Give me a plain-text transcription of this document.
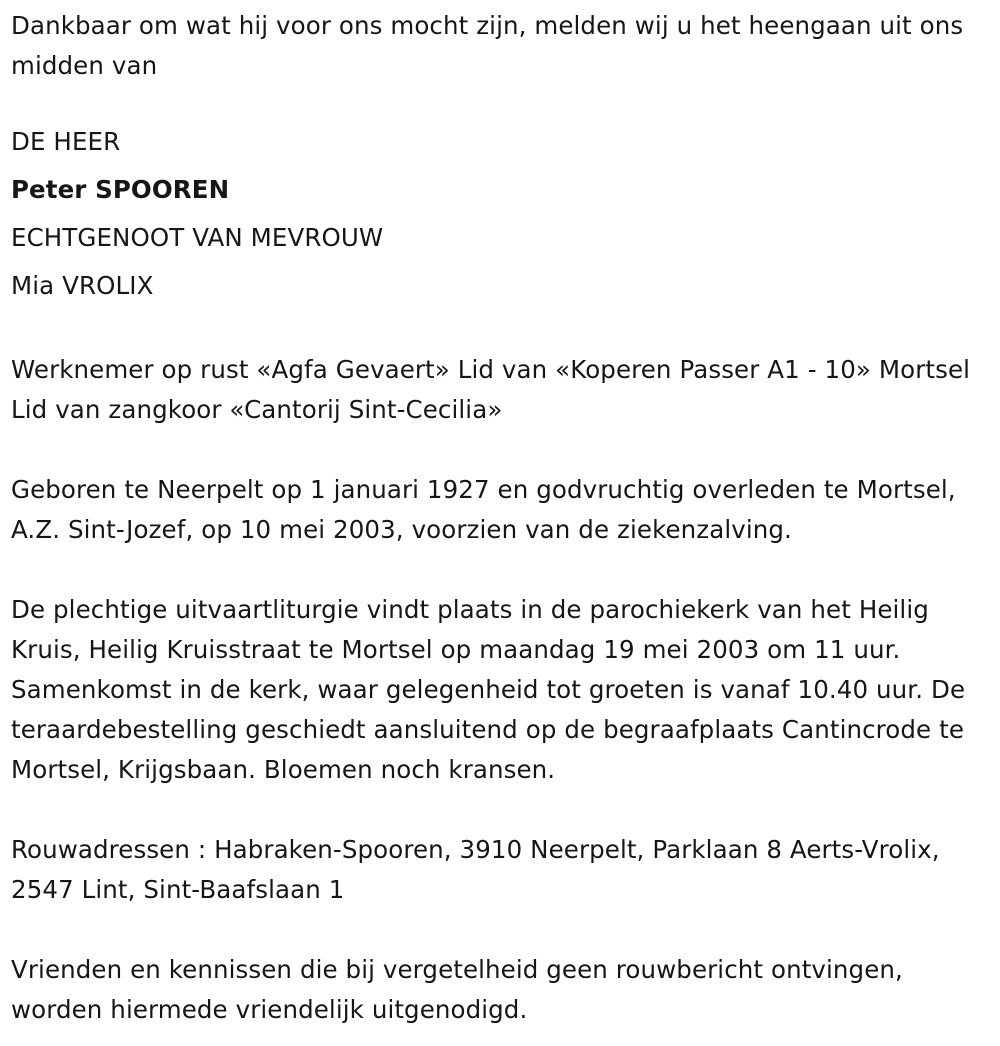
Dankbaar om wat hij voor ons mocht zijn, melden wij u het heengaan uit ons midden van

DE HEER
Peter SPOOREN
ECHTGENOOT VAN MEVROUW
Mia VROLIX

Werknemer op rust «Agfa Gevaert» Lid van «Koperen Passer A1 - 10» Mortsel Lid van zangkoor «Cantorij Sint-Cecilia»

Geboren te Neerpelt op 1 januari 1927 en godvruchtig overleden te Mortsel, A.Z. Sint-Jozef, op 10 mei 2003, voorzien van de ziekenzalving.

De plechtige uitvaartliturgie vindt plaats in de parochiekerk van het Heilig Kruis, Heilig Kruisstraat te Mortsel op maandag 19 mei 2003 om 11 uur. Samenkomst in de kerk, waar gelegenheid tot groeten is vanaf 10.40 uur. De teraardebestelling geschiedt aansluitend op de begraafplaats Cantincrode te Mortsel, Krijgsbaan. Bloemen noch kransen.

Rouwadressen : Habraken-Spooren, 3910 Neerpelt, Parklaan 8 Aerts-Vrolix, 2547 Lint, Sint-Baafslaan 1

Vrienden en kennissen die bij vergetelheid geen rouwbericht ontvingen, worden hiermede vriendelijk uitgenodigd.
